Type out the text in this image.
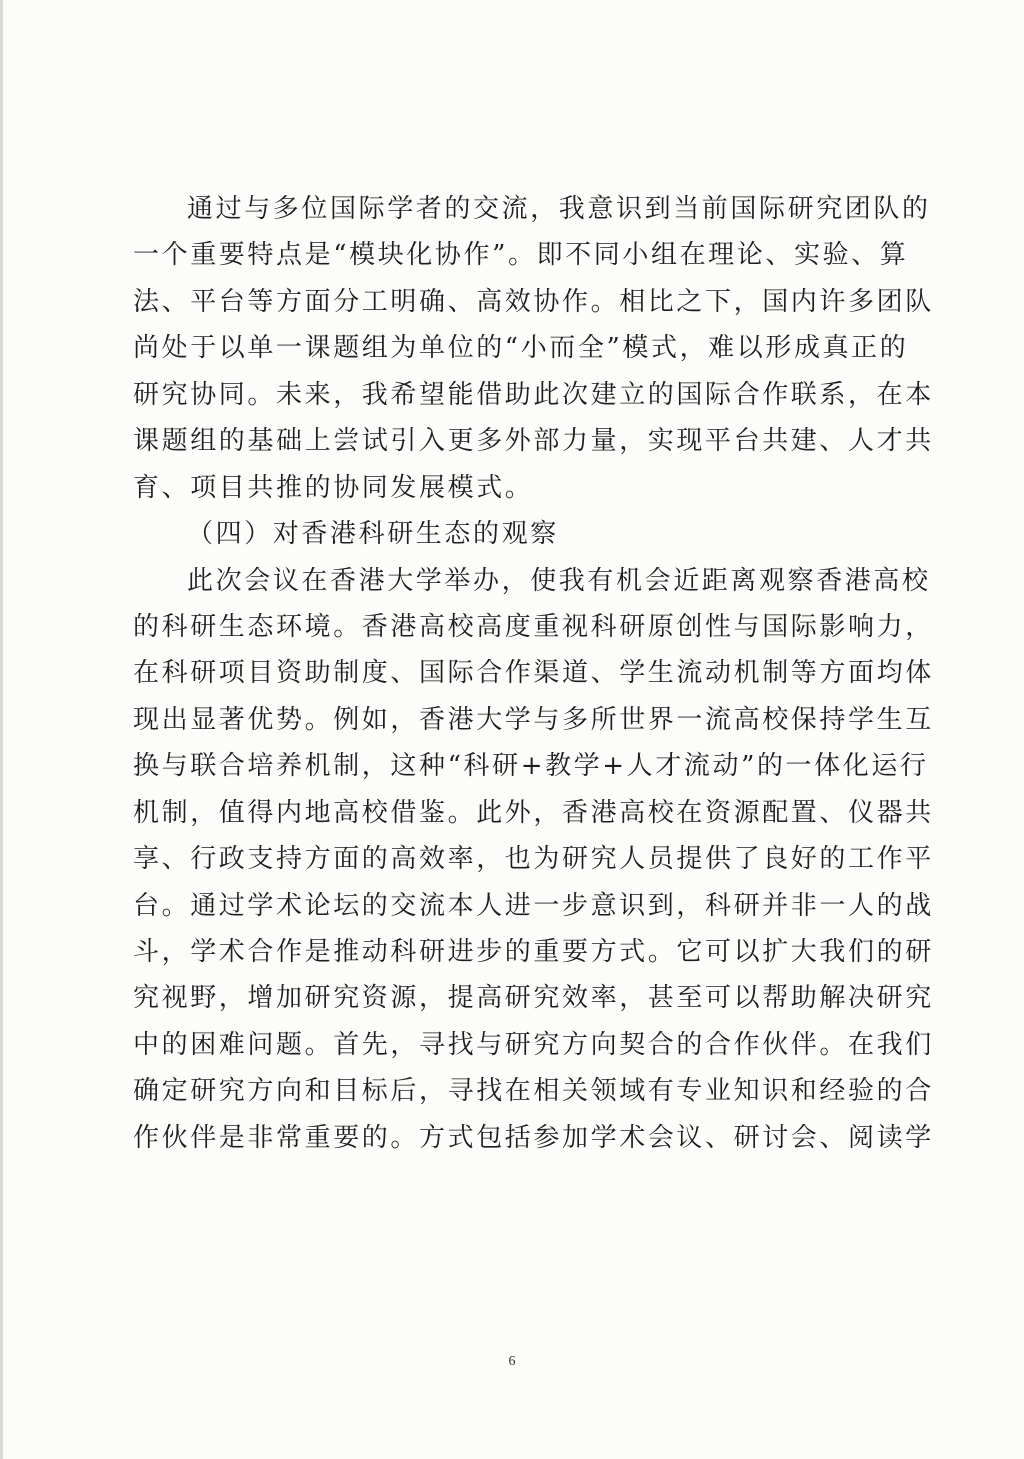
通过与多位国际学者的交流，我意识到当前国际研究团队的
一个重要特点是“模块化协作”。即不同小组在理论、实验、算
法、平台等方面分工明确、高效协作。相比之下，国内许多团队
尚处于以单一课题组为单位的“小而全”模式，难以形成真正的
研究协同。未来，我希望能借助此次建立的国际合作联系，在本
课题组的基础上尝试引入更多外部力量，实现平台共建、人才共
育、项目共推的协同发展模式。
（四）对香港科研生态的观察
此次会议在香港大学举办，使我有机会近距离观察香港高校
的科研生态环境。香港高校高度重视科研原创性与国际影响力，
在科研项目资助制度、国际合作渠道、学生流动机制等方面均体
现出显著优势。例如，香港大学与多所世界一流高校保持学生互
换与联合培养机制，这种“科研+教学+人才流动”的一体化运行
机制，值得内地高校借鉴。此外，香港高校在资源配置、仪器共
享、行政支持方面的高效率，也为研究人员提供了良好的工作平
台。通过学术论坛的交流本人进一步意识到，科研并非一人的战
斗，学术合作是推动科研进步的重要方式。它可以扩大我们的研
究视野，增加研究资源，提高研究效率，甚至可以帮助解决研究
中的困难问题。首先，寻找与研究方向契合的合作伙伴。在我们
确定研究方向和目标后，寻找在相关领域有专业知识和经验的合
作伙伴是非常重要的。方式包括参加学术会议、研讨会、阅读学
6
